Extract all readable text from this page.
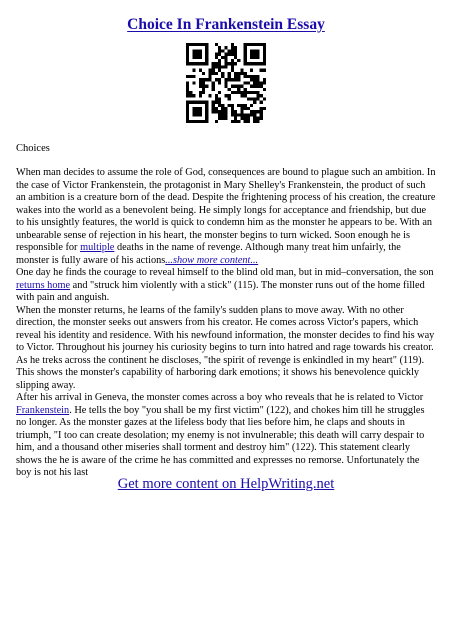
Choice In Frankenstein Essay
Choices

When man decides to assume the role of God, consequences are bound to plague such an ambition. In the case of Victor Frankenstein, the protagonist in Mary Shelley's Frankenstein, the product of such an ambition is a creature born of the dead. Despite the frightening process of his creation, the creature wakes into the world as a benevolent being. He simply longs for acceptance and friendship, but due to his unsightly features, the world is quick to condemn him as the monster he appears to be. With an unbearable sense of rejection in his heart, the monster begins to turn wicked. Soon enough he is responsible for multiple deaths in the name of revenge. Although many treat him unfairly, the monster is fully aware of his actions...show more content...

One day he finds the courage to reveal himself to the blind old man, but in mid–conversation, the son returns home and "struck him violently with a stick" (115). The monster runs out of the home filled with pain and anguish.

When the monster returns, he learns of the family's sudden plans to move away. With no other direction, the monster seeks out answers from his creator. He comes across Victor's papers, which reveal his identity and residence. With his newfound information, the monster decides to find his way to Victor. Throughout his journey his curiosity begins to turn into hatred and rage towards his creator. As he treks across the continent he discloses, "the spirit of revenge is enkindled in my heart" (119). This shows the monster's capability of harboring dark emotions; it shows his benevolence quickly slipping away.

After his arrival in Geneva, the monster comes across a boy who reveals that he is related to Victor Frankenstein. He tells the boy "you shall be my first victim" (122), and chokes him till he struggles no longer. As the monster gazes at the lifeless body that lies before him, he claps and shouts in triumph, "I too can create desolation; my enemy is not invulnerable; this death will carry despair to him, and a thousand other miseries shall torment and destroy him" (122). This statement clearly shows the he is aware of the crime he has committed and expresses no remorse. Unfortunately the boy is not his last

Get more content on HelpWriting.net
